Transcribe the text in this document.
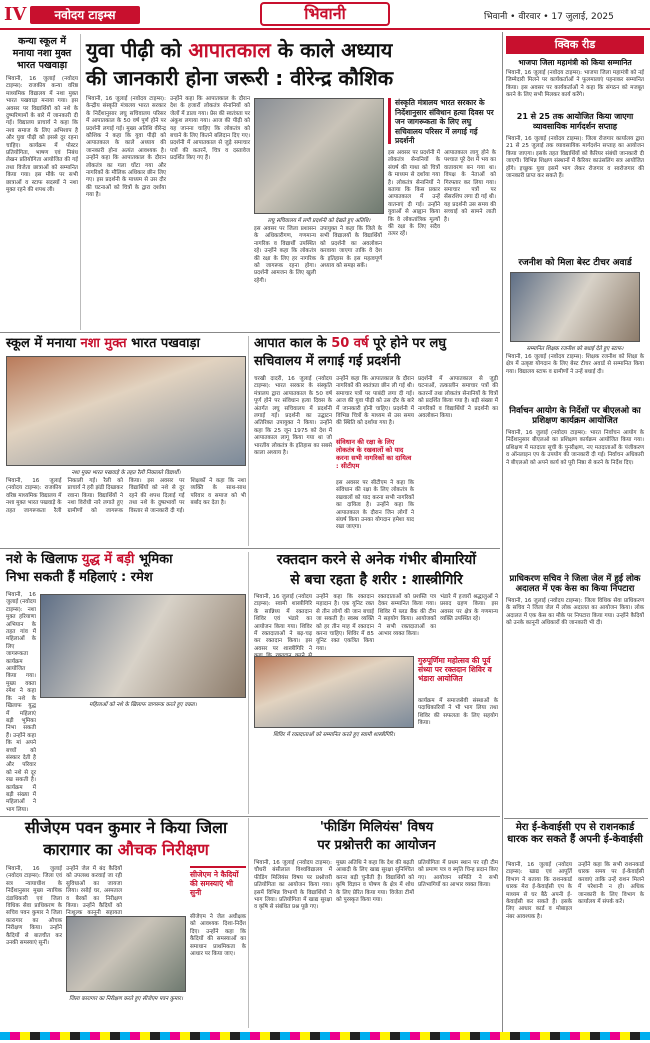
IV	नवोदय टाइम्स	भिवानी	भिवानी • वीरवार • 17 जुलाई, 2025
कन्या स्कूल में मनाया नशा मुक्त भारत पखवाड़ा
भिवानी, 16 जुलाई (नवोदय टाइम्स): राजकीय कन्या वरिष्ठ माध्यमिक विद्यालय में नशा मुक्त भारत पखवाड़ा मनाया गया। इस अवसर पर विद्यार्थियों को नशे के दुष्परिणामों के बारे में जानकारी दी गई। विद्यालय प्राचार्य ने कहा कि नशा समाज के लिए अभिशाप है और युवा पीढ़ी को इससे दूर रहना चाहिए। कार्यक्रम में पोस्टर प्रतियोगिता, भाषण एवं निबंध लेखन प्रतियोगिता आयोजित की गई तथा विजेता छात्राओं को सम्मानित किया गया। इस मौके पर सभी छात्राओं व स्टाफ सदस्यों ने नशा मुक्त रहने की शपथ ली।
युवा पीढ़ी को आपातकाल के काले अध्याय
की जानकारी होना जरूरी : वीरेन्द्र कौशिक
भिवानी, 16 जुलाई (नवोदय टाइम्स): केन्द्रीय संस्कृति मंत्रालय भारत सरकार के निर्देशानुसार लघु सचिवालय परिसर में आपातकाल के 50 वर्ष पूर्ण होने पर प्रदर्शनी लगाई गई। मुख्य अतिथि वीरेन्द्र कौशिक ने कहा कि युवा पीढ़ी को आपातकाल के काले अध्याय की जानकारी होना अत्यंत आवश्यक है। उन्होंने कहा कि आपातकाल के दौरान लोकतंत्र का गला घोंटा गया और नागरिकों के मौलिक अधिकार छीन लिए गए। इस प्रदर्शनी के माध्यम से उस दौर की घटनाओं को चित्रों के द्वारा दर्शाया गया है।
उन्होंने कहा कि आपातकाल के दौरान देश के हजारों लोकतंत्र सेनानियों को जेलों में डाला गया। प्रेस की स्वतंत्रता पर अंकुश लगाया गया। आज की पीढ़ी को यह जानना चाहिए कि लोकतंत्र को बचाने के लिए कितने बलिदान दिए गए। प्रदर्शनी में आपातकाल से जुड़े समाचार पत्रों की कतरनें, चित्र व दस्तावेज प्रदर्शित किए गए हैं।
लघु सचिवालय में लगी प्रदर्शनी को देखते हुए अतिथि।
इस अवसर पर जिला प्रशासन के अधिकारीगण, गणमान्य नागरिक व विद्यार्थी उपस्थित रहे। उन्होंने कहा कि लोकतंत्र की रक्षा के लिए हर नागरिक को जागरूक रहना होगा। प्रदर्शनी आमजन के लिए खुली रहेगी।
उपायुक्त ने कहा कि जिले के सभी विद्यालयों के विद्यार्थियों को प्रदर्शनी का अवलोकन करवाया जाएगा ताकि वे देश के इतिहास के इस महत्वपूर्ण अध्याय को समझ सकें।
संस्कृति मंत्रालय भारत सरकार के निर्देशानुसार संविधान हत्या दिवस पर जन जागरूकता के लिए लघु सचिवालय परिसर में लगाई गई प्रदर्शनी
इस अवसर पर प्रदर्शनी में लोकतंत्र सेनानियों के संघर्ष की गाथा को चित्रों के माध्यम से दर्शाया गया है। लोकतंत्र सेनानियों ने बताया कि किस प्रकार आपातकाल में उन्हें यातनाएं दी गई। उन्होंने युवाओं से आह्वान किया कि वे लोकतांत्रिक मूल्यों की रक्षा के लिए सदैव तत्पर रहें।
आपातकाल लागू होने के पश्चात पूरे देश में भय का वातावरण बन गया था। विपक्ष के नेताओं को गिरफ्तार कर लिया गया। समाचार पत्रों पर सेंसरशिप लगा दी गई थी। यह प्रदर्शनी उस समय की सच्चाई को सामने लाती है।
स्कूल में मनाया नशा मुक्त भारत पखवाड़ा
नशा मुक्त भारत पखवाड़े के तहत रैली निकालते विद्यार्थी।
भिवानी, 16 जुलाई (नवोदय टाइम्स): राजकीय वरिष्ठ माध्यमिक विद्यालय में नशा मुक्त भारत पखवाड़े के तहत जागरूकता रैली निकाली गई। रैली को प्राचार्य ने हरी झंडी दिखाकर रवाना किया। विद्यार्थियों ने नशा विरोधी नारे लगाते हुए ग्रामीणों को जागरूक किया। इस अवसर पर विद्यार्थियों को नशे से दूर रहने की शपथ दिलाई गई तथा नशे के दुष्प्रभावों पर विस्तार से जानकारी दी गई। शिक्षकों ने कहा कि नशा व्यक्ति के साथ-साथ परिवार व समाज को भी बर्बाद कर देता है।
आपात काल के 50 वर्ष पूरे होने पर लघु
सचिवालय में लगाई गई प्रदर्शनी
चरखी दादरी, 16 जुलाई (नवोदय टाइम्स): भारत सरकार के संस्कृति मंत्रालय द्वारा आपातकाल के 50 वर्ष पूर्ण होने पर संविधान हत्या दिवस के अंतर्गत लघु सचिवालय में प्रदर्शनी लगाई गई। प्रदर्शनी का उद्घाटन अतिरिक्त उपायुक्त ने किया। उन्होंने कहा कि 25 जून 1975 को देश में आपातकाल लागू किया गया था जो भारतीय लोकतंत्र के इतिहास का सबसे काला अध्याय है।
उन्होंने कहा कि आपातकाल के दौरान नागरिकों की स्वतंत्रता छीन ली गई थी। समाचार पत्रों पर पाबंदी लगा दी गई। आज की युवा पीढ़ी को उस दौर के बारे में जानकारी होनी चाहिए। प्रदर्शनी में विभिन्न चित्रों के माध्यम से उस समय की स्थिति को दर्शाया गया है।
संविधान की रक्षा के लिए लोकतंत्र के रखवालों को याद करना सभी नागरिकों का दायित्व : सीटीएम
इस अवसर पर सीटीएम ने कहा कि संविधान की रक्षा के लिए लोकतंत्र के रखवालों को याद करना सभी नागरिकों का दायित्व है। उन्होंने कहा कि आपातकाल के दौरान जिन लोगों ने संघर्ष किया उनका योगदान हमेशा याद रखा जाएगा।
प्रदर्शनी में आपातकाल से जुड़ी घटनाओं, तत्कालीन समाचार पत्रों की कतरनों तथा लोकतंत्र सेनानियों के चित्रों को प्रदर्शित किया गया है। बड़ी संख्या में नागरिकों व विद्यार्थियों ने प्रदर्शनी का अवलोकन किया।
नशे के खिलाफ युद्ध में बड़ी भूमिका
निभा सकती हैं महिलाएं : रमेश
भिवानी, 16 जुलाई (नवोदय टाइम्स): नशा मुक्त हरियाणा अभियान के तहत गांव में महिलाओं के लिए जागरूकता कार्यक्रम आयोजित किया गया। मुख्य वक्ता रमेश ने कहा कि नशे के खिलाफ युद्ध में महिलाएं बड़ी भूमिका निभा सकती हैं। उन्होंने कहा कि मां अपने बच्चों को संस्कार देती है और परिवार को नशे से दूर रख सकती है। कार्यक्रम में बड़ी संख्या में महिलाओं ने भाग लिया।
महिलाओं को नशे के खिलाफ जागरूक करते हुए वक्ता।
रक्तदान करने से अनेक गंभीर बीमारियों
से बचा रहता है शरीर : शास्त्रीगिरि
भिवानी, 16 जुलाई (नवोदय टाइम्स): स्वामी शास्त्रीगिरि के सान्निध्य में रक्तदान शिविर एवं भंडारे का आयोजन किया गया। शिविर में रक्तदाताओं ने बढ़-चढ़ कर रक्तदान किया। इस अवसर पर शास्त्रीगिरि ने
उन्होंने कहा कि रक्तदान महादान है। एक यूनिट रक्त से तीन लोगों की जान बचाई जा सकती है। स्वस्थ व्यक्ति को हर तीन माह में रक्तदान करना चाहिए। शिविर में 85 यूनिट रक्त एकत्रित किया गया।
रक्तदाताओं को प्रशस्ति पत्र देकर सम्मानित किया गया। शिविर में ब्लड बैंक की टीम ने सहयोग किया। आयोजकों ने सभी रक्तदाताओं का आभार व्यक्त किया।
भंडारे में हजारों श्रद्धालुओं ने प्रसाद ग्रहण किया। इस अवसर पर क्षेत्र के गणमान्य व्यक्ति उपस्थित रहे।
गुरुपूर्णिमा महोत्सव की पूर्व संध्या पर रक्तदान शिविर व भंडारा आयोजित
कार्यक्रम में समाजसेवी संस्थाओं के पदाधिकारियों ने भी भाग लिया तथा शिविर की सफलता के लिए सहयोग किया।
शिविर में रक्तदाताओं को सम्मानित करते हुए स्वामी शास्त्रीगिरि।
सीजेएम पवन कुमार ने किया जिला
कारागार का औचक निरीक्षण
भिवानी, 16 जुलाई (नवोदय टाइम्स): जिला एवं सत्र न्यायाधीश के निर्देशानुसार मुख्य न्यायिक दंडाधिकारी एवं जिला विधिक सेवा प्राधिकरण के सचिव पवन कुमार ने जिला कारागार का औचक निरीक्षण किया। उन्होंने कैदियों से बातचीत कर उनकी समस्याएं सुनीं।
उन्होंने जेल में बंद कैदियों को उपलब्ध करवाई जा रही सुविधाओं का जायजा लिया। रसोई घर, अस्पताल व बैरकों का निरीक्षण किया। उन्होंने कैदियों को निःशुल्क कानूनी सहायता
जिला कारागार का निरीक्षण करते हुए सीजेएम पवन कुमार।
सीजेएम ने कैदियों की समस्याएं भी सुनी
सीजेएम ने जेल अधीक्षक को आवश्यक दिशा-निर्देश दिए। उन्होंने कहा कि कैदियों की समस्याओं का समाधान प्राथमिकता के आधार पर किया जाए।
'फीडिंग मिलियंस' विषय
पर प्रश्नोत्तरी का आयोजन
भिवानी, 16 जुलाई (नवोदय टाइम्स): चौधरी बंसीलाल विश्वविद्यालय में फीडिंग मिलियंस विषय पर प्रश्नोत्तरी प्रतियोगिता का आयोजन किया गया। इसमें विभिन्न विभागों के विद्यार्थियों ने भाग लिया। प्रतियोगिता में खाद्य सुरक्षा व कृषि से संबंधित प्रश्न पूछे गए।
मुख्य अतिथि ने कहा कि देश की बढ़ती आबादी के लिए खाद्य सुरक्षा सुनिश्चित करना बड़ी चुनौती है। विद्यार्थियों को कृषि विज्ञान व पोषण के क्षेत्र में शोध के लिए प्रेरित किया गया। विजेता टीमों को पुरस्कृत किया गया।
प्रतियोगिता में प्रथम स्थान पर रही टीम को प्रमाण पत्र व स्मृति चिन्ह प्रदान किए गए। आयोजन समिति ने सभी प्रतिभागियों का आभार व्यक्त किया।
क्विक रीड
भाजपा जिला महामंत्री को किया सम्मानित
भिवानी, 16 जुलाई (नवोदय टाइम्स): भाजपा जिला महामंत्री को नई जिम्मेदारी मिलने पर कार्यकर्ताओं ने फूलमालाएं पहनाकर सम्मानित किया। इस अवसर पर कार्यकर्ताओं ने कहा कि संगठन को मजबूत करने के लिए सभी मिलकर कार्य करेंगे।
21 से 25 तक आयोजित किया जाएगा व्यावसायिक मार्गदर्शन सप्ताह
भिवानी, 16 जुलाई (नवोदय टाइम्स): जिला रोजगार कार्यालय द्वारा 21 से 25 जुलाई तक व्यावसायिक मार्गदर्शन सप्ताह का आयोजन किया जाएगा। इसके तहत विद्यार्थियों को कैरियर संबंधी जानकारी दी जाएगी। विभिन्न शिक्षण संस्थानों में कैरियर काउंसलिंग सत्र आयोजित होंगे। इच्छुक युवा इसमें भाग लेकर रोजगार व स्वरोजगार की जानकारी प्राप्त कर सकते हैं।
रजनीश को मिला बेस्ट टीचर अवार्ड
सम्मानित शिक्षक रजनीश को बधाई देते हुए स्टाफ।
भिवानी, 16 जुलाई (नवोदय टाइम्स): शिक्षक रजनीश को शिक्षा के क्षेत्र में उत्कृष्ट योगदान के लिए बेस्ट टीचर अवार्ड से सम्मानित किया गया। विद्यालय स्टाफ व ग्रामीणों ने उन्हें बधाई दी।
निर्वाचन आयोग के निर्देशों पर बीएलओ का प्रशिक्षण कार्यक्रम आयोजित
भिवानी, 16 जुलाई (नवोदय टाइम्स): भारत निर्वाचन आयोग के निर्देशानुसार बीएलओ का प्रशिक्षण कार्यक्रम आयोजित किया गया। प्रशिक्षण में मतदाता सूची के पुनरीक्षण, नए मतदाताओं के पंजीकरण व ऑनलाइन एप के उपयोग की जानकारी दी गई। निर्वाचन अधिकारी ने बीएलओ को अपने कार्य को पूरी निष्ठा से करने के निर्देश दिए।
प्राधिकरण सचिव ने जिला जेल में हुई लोक अदालत में एक केस का किया निपटारा
भिवानी, 16 जुलाई (नवोदय टाइम्स): जिला विधिक सेवा प्राधिकरण के सचिव ने जिला जेल में लोक अदालत का आयोजन किया। लोक अदालत में एक केस का मौके पर निपटारा किया गया। उन्होंने कैदियों को उनके कानूनी अधिकारों की जानकारी भी दी।
मेरा ई-केवाईसी एप से राशनकार्ड धारक कर सकते हैं अपनी ई-केवाईसी
भिवानी, 16 जुलाई (नवोदय टाइम्स): खाद्य एवं आपूर्ति विभाग ने बताया कि राशनकार्ड धारक मेरा ई-केवाईसी एप के माध्यम से घर बैठे अपनी ई-केवाईसी कर सकते हैं। इसके लिए आधार कार्ड व मोबाइल नंबर आवश्यक है।
उन्होंने कहा कि सभी राशनकार्ड धारक समय पर ई-केवाईसी करवाएं ताकि उन्हें राशन मिलने में परेशानी न हो। अधिक जानकारी के लिए विभाग के कार्यालय में संपर्क करें।
